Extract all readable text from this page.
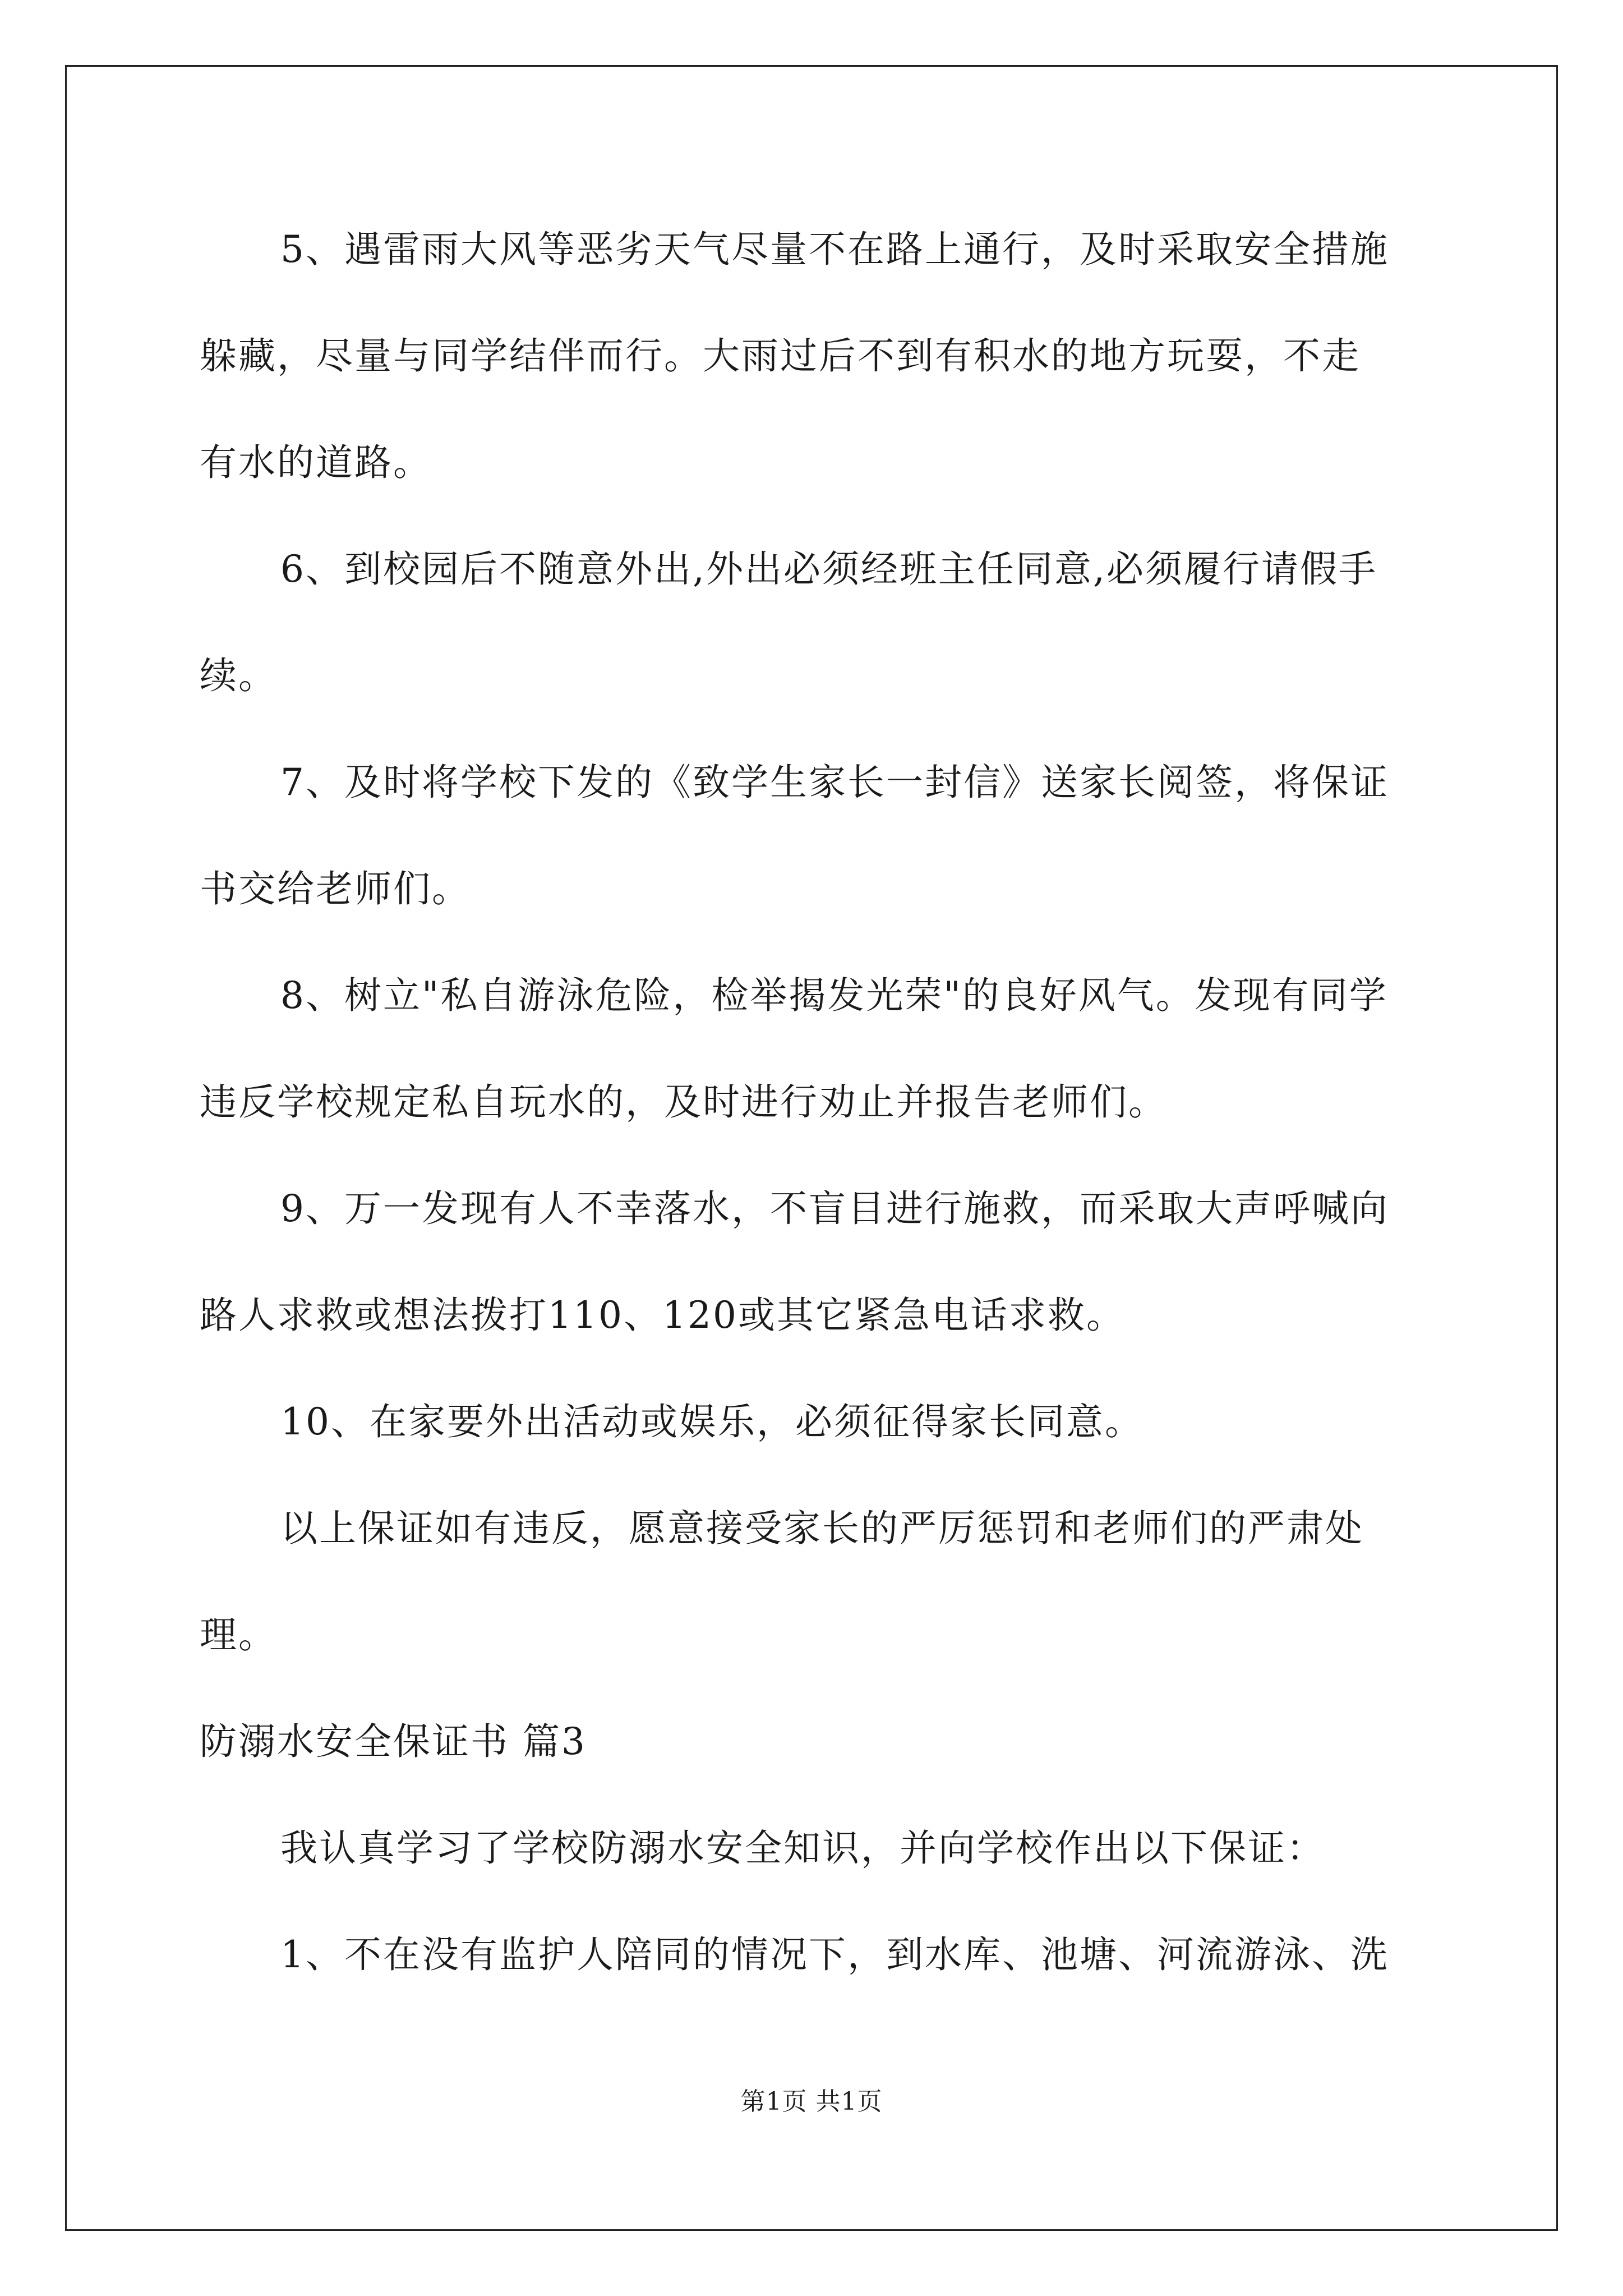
5、遇雷雨大风等恶劣天气尽量不在路上通行，及时采取安全措施
躲藏，尽量与同学结伴而行。大雨过后不到有积水的地方玩耍，不走
有水的道路。
6、到校园后不随意外出,外出必须经班主任同意,必须履行请假手
续。
7、及时将学校下发的《致学生家长一封信》送家长阅签，将保证
书交给老师们。
8、树立"私自游泳危险，检举揭发光荣"的良好风气。发现有同学
违反学校规定私自玩水的，及时进行劝止并报告老师们。
9、万一发现有人不幸落水，不盲目进行施救，而采取大声呼喊向
路人求救或想法拨打110、120或其它紧急电话求救。
10、在家要外出活动或娱乐，必须征得家长同意。
以上保证如有违反，愿意接受家长的严厉惩罚和老师们的严肃处
理。
防溺水安全保证书 篇3
我认真学习了学校防溺水安全知识，并向学校作出以下保证：
1、不在没有监护人陪同的情况下，到水库、池塘、河流游泳、洗
第1页 共1页
